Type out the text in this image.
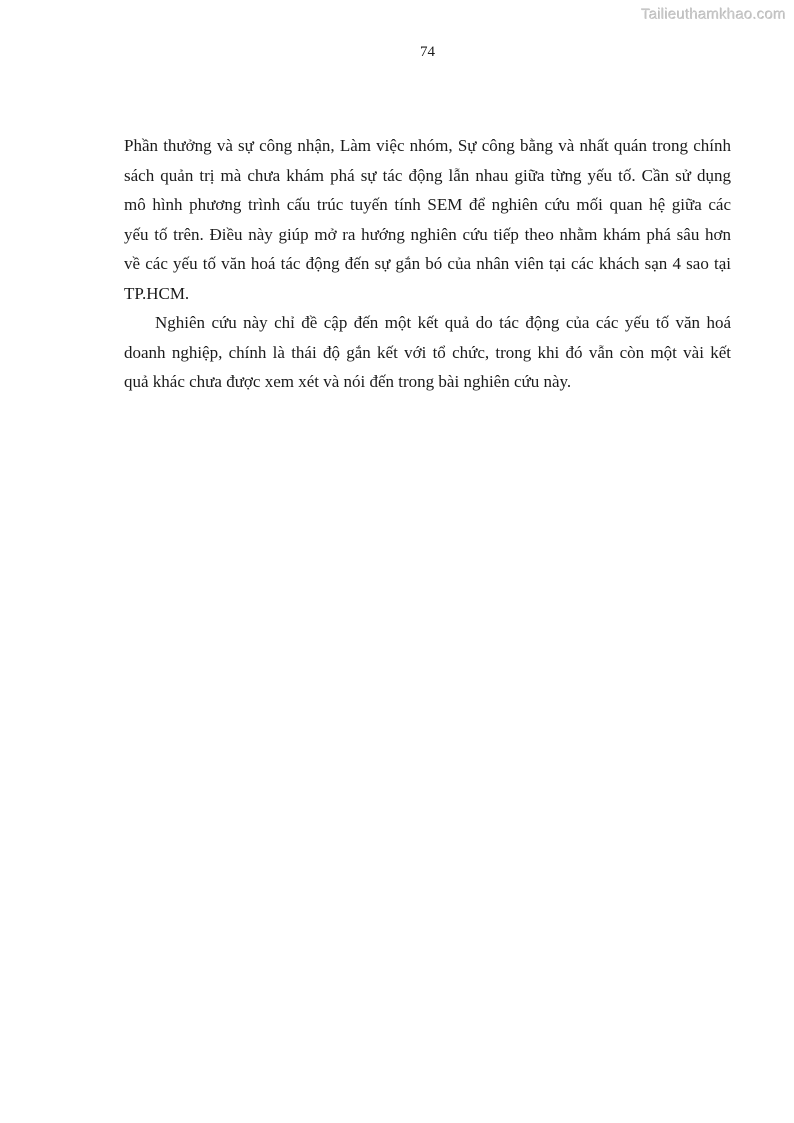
Tailieuthamkhao.com
74

Phần thưởng và sự công nhận, Làm việc nhóm, Sự công bằng và nhất quán trong chính
sách quản trị mà chưa khám phá sự tác động lẫn nhau giữa từng yếu tố. Cần sử dụng
mô hình phương trình cấu trúc tuyến tính SEM để nghiên cứu mối quan hệ giữa các
yếu tố trên. Điều này giúp mở ra hướng nghiên cứu tiếp theo nhằm khám phá sâu hơn
về các yếu tố văn hoá tác động đến sự gắn bó của nhân viên tại các khách sạn 4 sao tại
TP.HCM.

Nghiên cứu này chỉ đề cập đến một kết quả do tác động của các yếu tố văn hoá
doanh nghiệp, chính là thái độ gắn kết với tổ chức, trong khi đó vẫn còn một vài kết
quả khác chưa được xem xét và nói đến trong bài nghiên cứu này.
